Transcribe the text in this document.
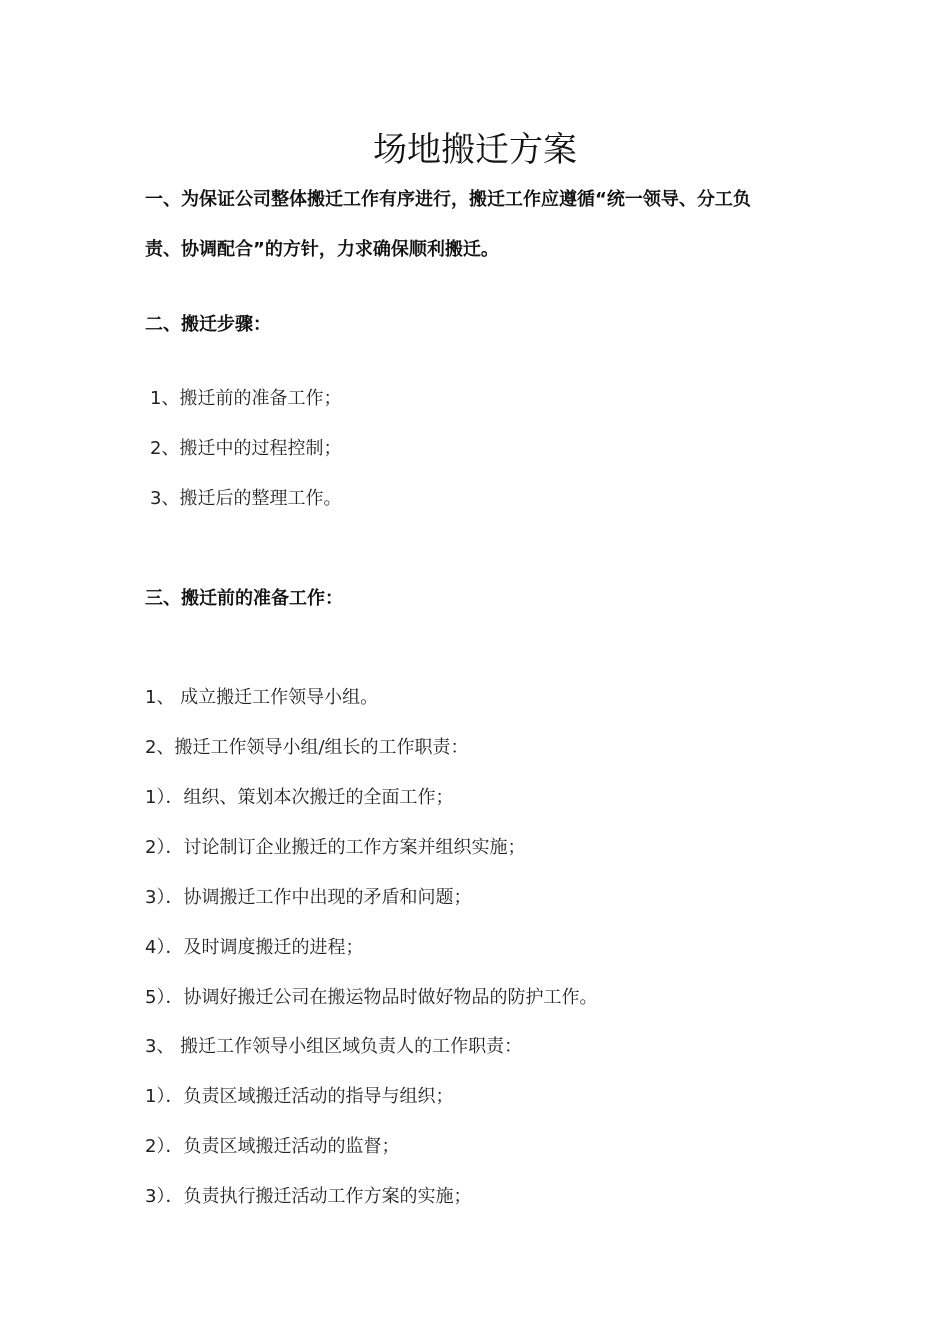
场地搬迁方案
一、为保证公司整体搬迁工作有序进行，搬迁工作应遵循“统一领导、分工负
责、协调配合”的方针，力求确保顺利搬迁。
二、搬迁步骤：
1、搬迁前的准备工作；
2、搬迁中的过程控制；
3、搬迁后的整理工作。
三、搬迁前的准备工作：
1、 成立搬迁工作领导小组。
2、搬迁工作领导小组/组长的工作职责：
1）．组织、策划本次搬迁的全面工作；
2）．讨论制订企业搬迁的工作方案并组织实施；
3）．协调搬迁工作中出现的矛盾和问题；
4）．及时调度搬迁的进程；
5）．协调好搬迁公司在搬运物品时做好物品的防护工作。
3、 搬迁工作领导小组区域负责人的工作职责：
1）．负责区域搬迁活动的指导与组织；
2）．负责区域搬迁活动的监督；
3）．负责执行搬迁活动工作方案的实施；
